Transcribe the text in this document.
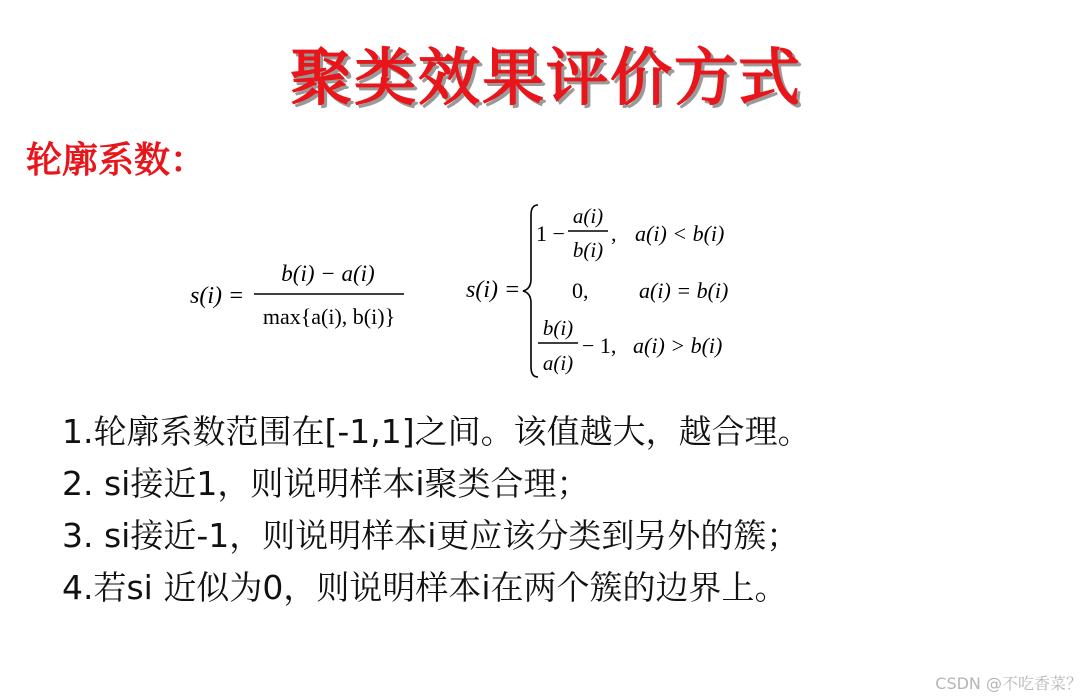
聚类效果评价方式
轮廓系数：
s(i) =
b(i) − a(i)
max{a(i), b(i)}
s(i) =
1 −
a(i)
b(i)
, a(i) < b(i)
0, a(i) = b(i)
b(i)
a(i)
− 1, a(i) > b(i)
1.轮廓系数范围在[-1,1]之间。该值越大，越合理。
2. si接近1，则说明样本i聚类合理；
3. si接近-1，则说明样本i更应该分类到另外的簇；
4.若si 近似为0，则说明样本i在两个簇的边界上。
CSDN @不吃香菜？
